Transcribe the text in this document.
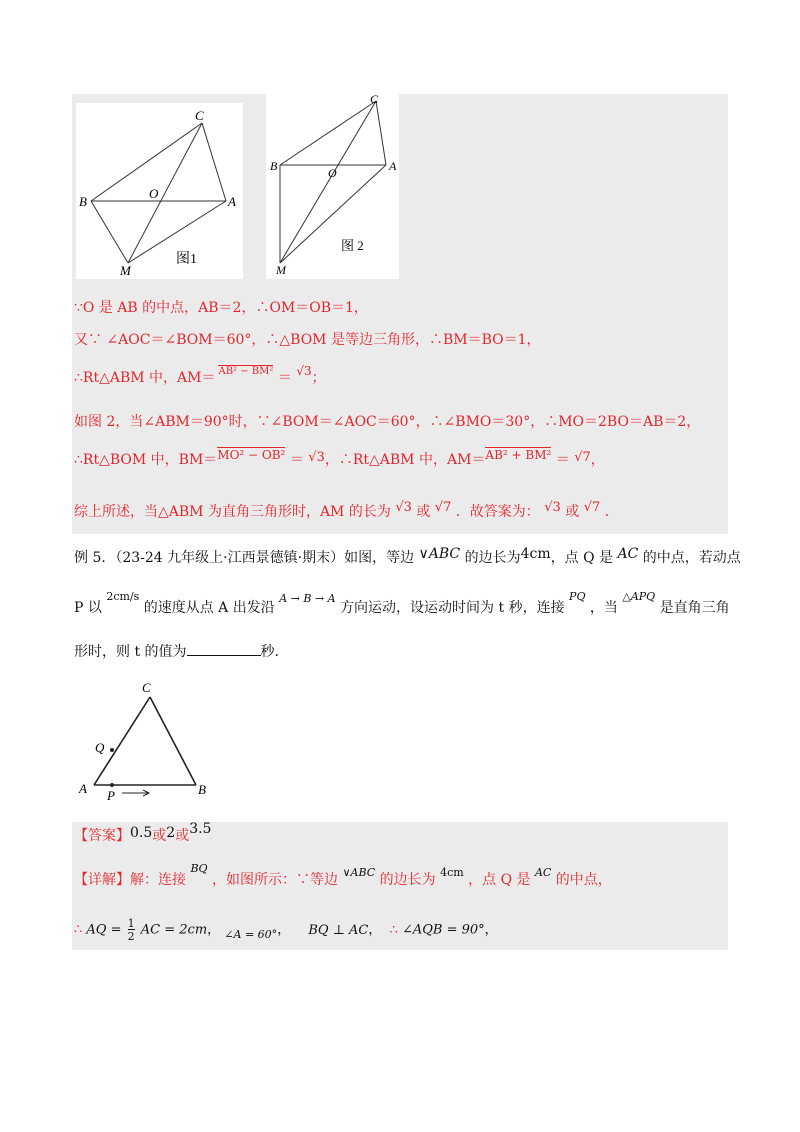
B
C
O
A
M
图1
B
C
O	A
M
图 2
∵O 是 AB 的中点，AB＝2，∴OM＝OB＝1，
又∵ ∠AOC＝∠BOM＝60°，∴△BOM 是等边三角形，∴BM＝BO＝1，
∴Rt△ABM 中，AM＝ $^{AB^2 - BM^2}$ ＝ √3；
如图 2，当∠ABM＝90°时，∵∠BOM＝∠AOC＝60°，∴∠BMO＝30°，∴MO＝2BO＝AB＝2，
∴Rt△BOM 中，BM＝MO² − OB² ＝ √3，∴Rt△ABM 中，AM＝AB² + BM² ＝ √7，
综上所述，当△ABM 为直角三角形时，AM 的长为 √3 或 √7 ．故答案为： √3 或 √7 ．
例 5．（23-24 九年级上·江西景德镇·期末）如图，等边 ∨ABC 的边长为4cm，点 Q 是 AC 的中点，若动点
P 以 $^{2cm/s}$ 的速度从点 A 出发沿 $^{A \to B \to A}$ 方向运动，设运动时间为 t 秒，连接 $^{PQ}$ ，当 $^{\triangle APQ}$ 是直角三角
形时，则 t 的值为	秒.
C
Q
A P	B
【答案】0.5或2或3.5
【详解】解：连接 $^{BQ}$ ，如图所示：∵等边 $^{\vee ABC}$ 的边长为 $^{4cm}$ ，点 Q 是 $^{AC}$ 的中点，
∴ AQ = $\frac{1}{2}$ AC = 2cm， $_{\angle A = 60^\circ}$， BQ ⊥ AC， ∴ ∠AQB = 90°，
